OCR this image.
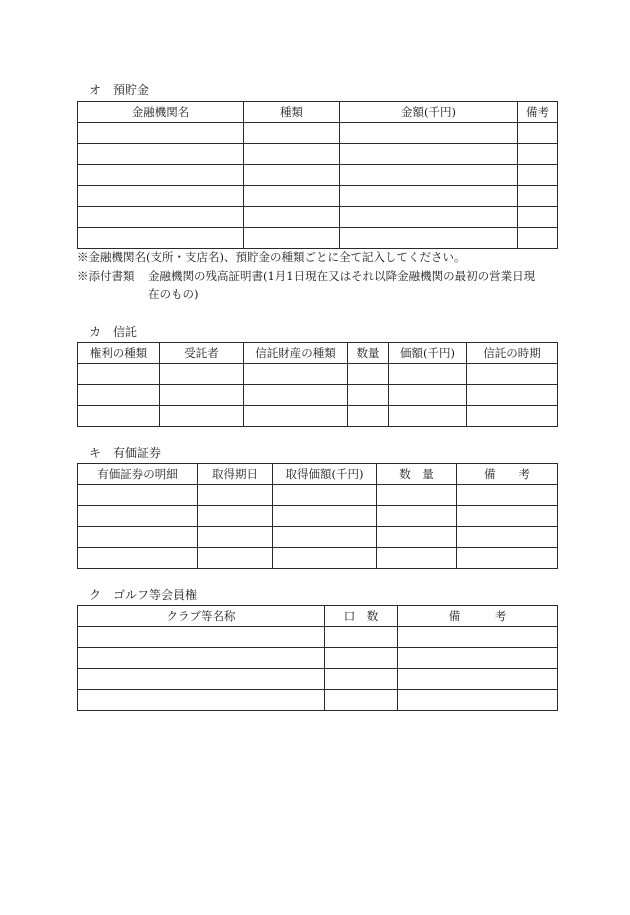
オ　預貯金
金融機関名	種類	金額(千円)	備考

※金融機関名(支所・支店名)、預貯金の種類ごとに全て記入してください。
※添付書類 金融機関の残高証明書(1月1日現在又はそれ以降金融機関の最初の営業日現
在のもの)
カ　信託
権利の種類	受託者	信託財産の種類	数量	価額(千円)	信託の時期

キ　有価証券
有価証券の明細	取得期日	取得価額(千円)	数　量	備　　考

ク　ゴルフ等会員権
クラブ等名称	口　数	備　　　考
